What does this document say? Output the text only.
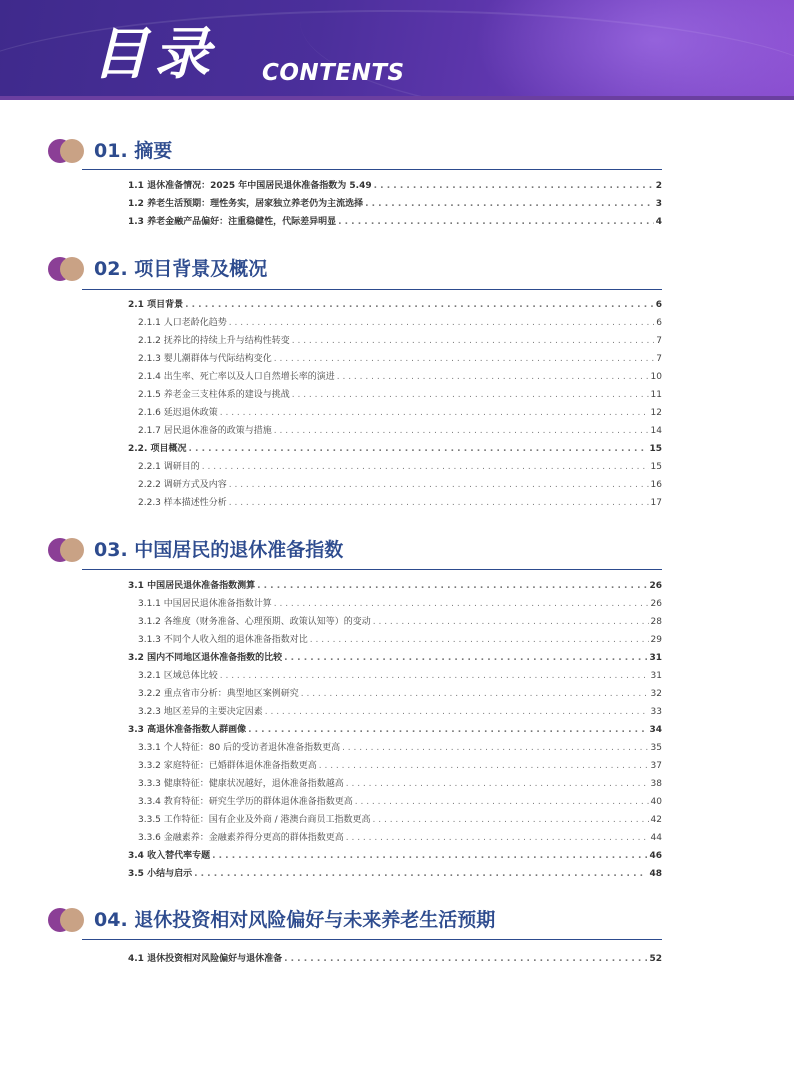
目录 CONTENTS
01. 摘要
1.1 退休准备情况：2025 年中国居民退休准备指数为 5.49 . . .	2
1.2 养老生活预期：理性务实，居家独立养老仍为主流选择 . . .	3
1.3 养老金融产品偏好：注重稳健性，代际差异明显 . . .	4
02. 项目背景及概况
2.1 项目背景 . . .	6
2.1.1 人口老龄化趋势 . . .	6
2.1.2 抚养比的持续上升与结构性转变 . . .	7
2.1.3 婴儿潮群体与代际结构变化 . . .	7
2.1.4 出生率、死亡率以及人口自然增长率的演进 . . .	10
2.1.5 养老金三支柱体系的建设与挑战 . . .	11
2.1.6 延迟退休政策 . . .	12
2.1.7 居民退休准备的政策与措施 . . .	14
2.2. 项目概况 . . .	15
2.2.1 调研目的 . . .	15
2.2.2 调研方式及内容 . . .	16
2.2.3 样本描述性分析 . . .	17
03. 中国居民的退休准备指数
3.1 中国居民退休准备指数测算 . . .	26
3.1.1 中国居民退休准备指数计算 . . .	26
3.1.2 各维度（财务准备、心理预期、政策认知等）的变动 . . .	28
3.1.3 不同个人收入组的退休准备指数对比 . . .	29
3.2 国内不同地区退休准备指数的比较 . . .	31
3.2.1 区域总体比较 . . .	31
3.2.2 重点省市分析：典型地区案例研究 . . .	32
3.2.3 地区差异的主要决定因素 . . .	33
3.3 高退休准备指数人群画像 . . .	34
3.3.1 个人特征：80 后的受访者退休准备指数更高 . . .	35
3.3.2 家庭特征：已婚群体退休准备指数更高 . . .	37
3.3.3 健康特征：健康状况越好，退休准备指数越高 . . .	38
3.3.4 教育特征：研究生学历的群体退休准备指数更高 . . .	40
3.3.5 工作特征：国有企业及外商 / 港澳台商员工指数更高 . . .	42
3.3.6 金融素养：金融素养得分更高的群体指数更高 . . .	44
3.4 收入替代率专题 . . .	46
3.5 小结与启示 . . .	48
04. 退休投资相对风险偏好与未来养老生活预期
4.1 退休投资相对风险偏好与退休准备 . . .	52
